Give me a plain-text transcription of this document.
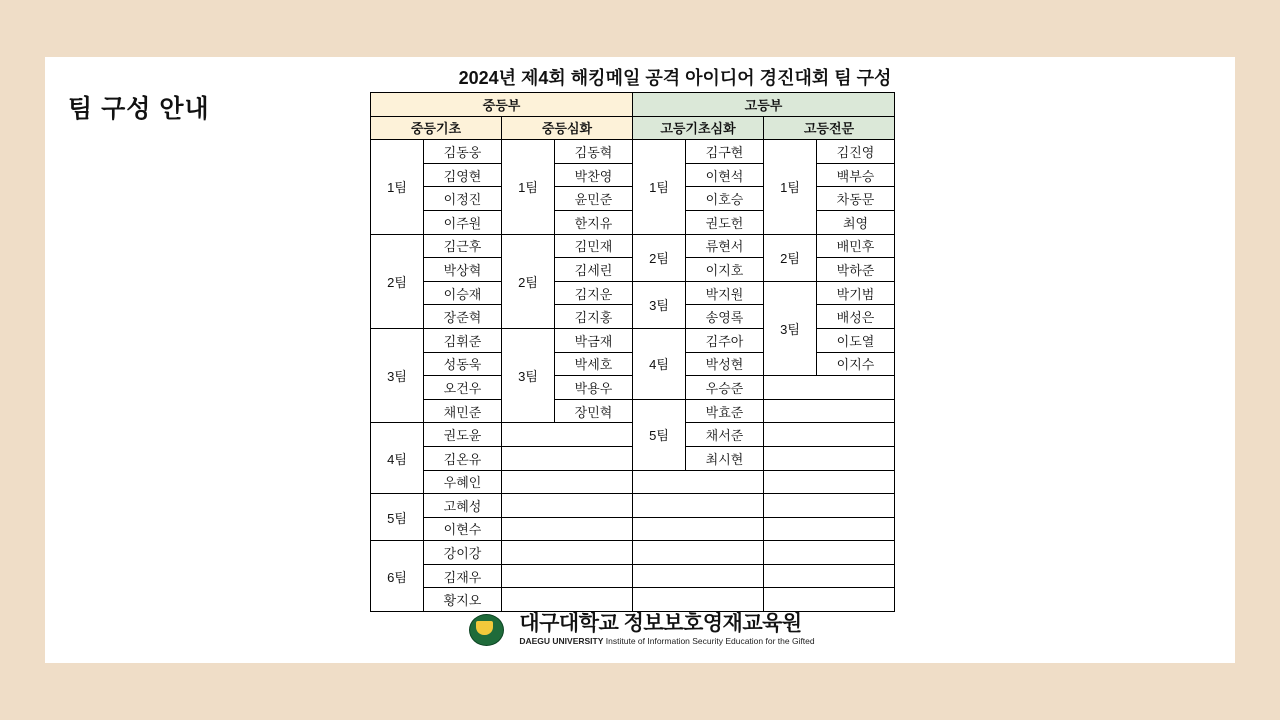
팀 구성 안내
2024년 제4회 해킹메일 공격 아이디어 경진대회 팀 구성
중등부				고등부			
중등기초		중등심화		고등기초심화		고등전문	
1팀	김동웅	1팀	김동혁	1팀	김구현	1팀	김진영
	김영현		박찬영		이현석		백부승
	이정진		윤민준		이호승		차동문
	이주원		한지유		권도헌		최영
2팀	김근후	2팀	김민재	2팀	류현서	2팀	배민후
	박상혁		김세린		이지호		박하준
	이승재		김지운	3팀	박지원	3팀	박기범
	장준혁		김지홍		송영록		배성은
3팀	김휘준	3팀	박금재	4팀	김주아		이도열
	성동욱		박세호		박성현		이지수
	오건우		박용우		우승준		
	채민준		장민혁	5팀	박효준		
4팀	권도윤				채서준		
	김온유				최시현		
	우혜인						
5팀	고혜성						
	이현수						
6팀	강이강						
	김재우						
	황지오						
대구대학교 정보보호영재교육원
DAEGU UNIVERSITY Institute of Information Security Education for the Gifted
